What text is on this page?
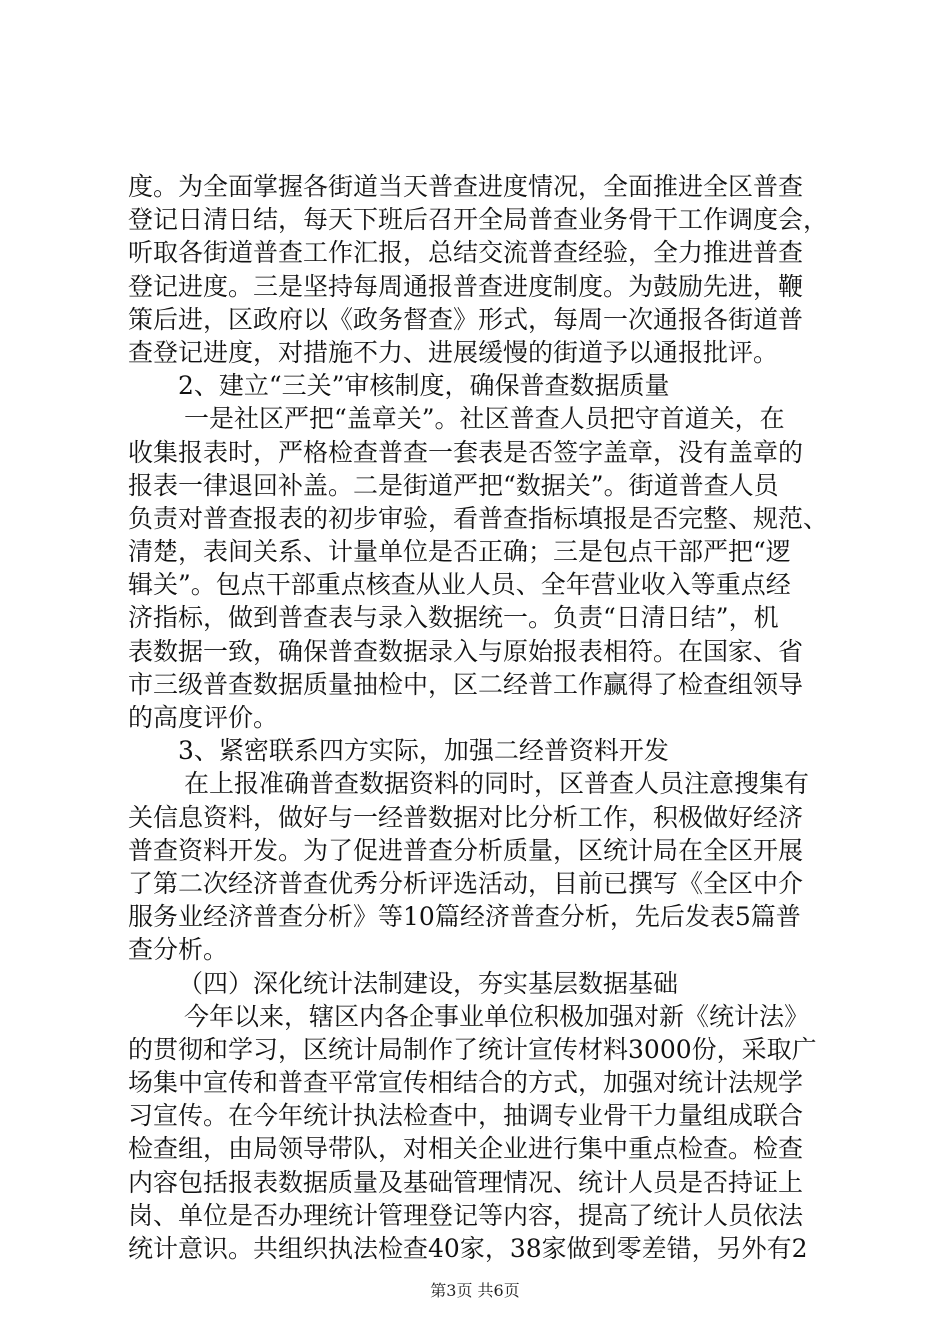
度。为全面掌握各街道当天普查进度情况，全面推进全区普查
登记日清日结，每天下班后召开全局普查业务骨干工作调度会，
听取各街道普查工作汇报，总结交流普查经验，全力推进普查
登记进度。三是坚持每周通报普查进度制度。为鼓励先进，鞭
策后进，区政府以《政务督查》形式，每周一次通报各街道普
查登记进度，对措施不力、进展缓慢的街道予以通报批评。
2、建立“三关”审核制度，确保普查数据质量
一是社区严把“盖章关”。社区普查人员把守首道关，在
收集报表时，严格检查普查一套表是否签字盖章，没有盖章的
报表一律退回补盖。二是街道严把“数据关”。街道普查人员
负责对普查报表的初步审验，看普查指标填报是否完整、规范、
清楚，表间关系、计量单位是否正确；三是包点干部严把“逻
辑关”。包点干部重点核查从业人员、全年营业收入等重点经
济指标，做到普查表与录入数据统一。负责“日清日结”，机
表数据一致，确保普查数据录入与原始报表相符。在国家、省
市三级普查数据质量抽检中，区二经普工作赢得了检查组领导
的高度评价。
3、紧密联系四方实际，加强二经普资料开发
在上报准确普查数据资料的同时，区普查人员注意搜集有
关信息资料，做好与一经普数据对比分析工作，积极做好经济
普查资料开发。为了促进普查分析质量，区统计局在全区开展
了第二次经济普查优秀分析评选活动，目前已撰写《全区中介
服务业经济普查分析》等10篇经济普查分析，先后发表5篇普
查分析。
（四）深化统计法制建设，夯实基层数据基础
今年以来，辖区内各企事业单位积极加强对新《统计法》
的贯彻和学习，区统计局制作了统计宣传材料3000份，采取广
场集中宣传和普查平常宣传相结合的方式，加强对统计法规学
习宣传。在今年统计执法检查中，抽调专业骨干力量组成联合
检查组，由局领导带队，对相关企业进行集中重点检查。检查
内容包括报表数据质量及基础管理情况、统计人员是否持证上
岗、单位是否办理统计管理登记等内容，提高了统计人员依法
统计意识。共组织执法检查40家，38家做到零差错，另外有2
第3页 共6页
